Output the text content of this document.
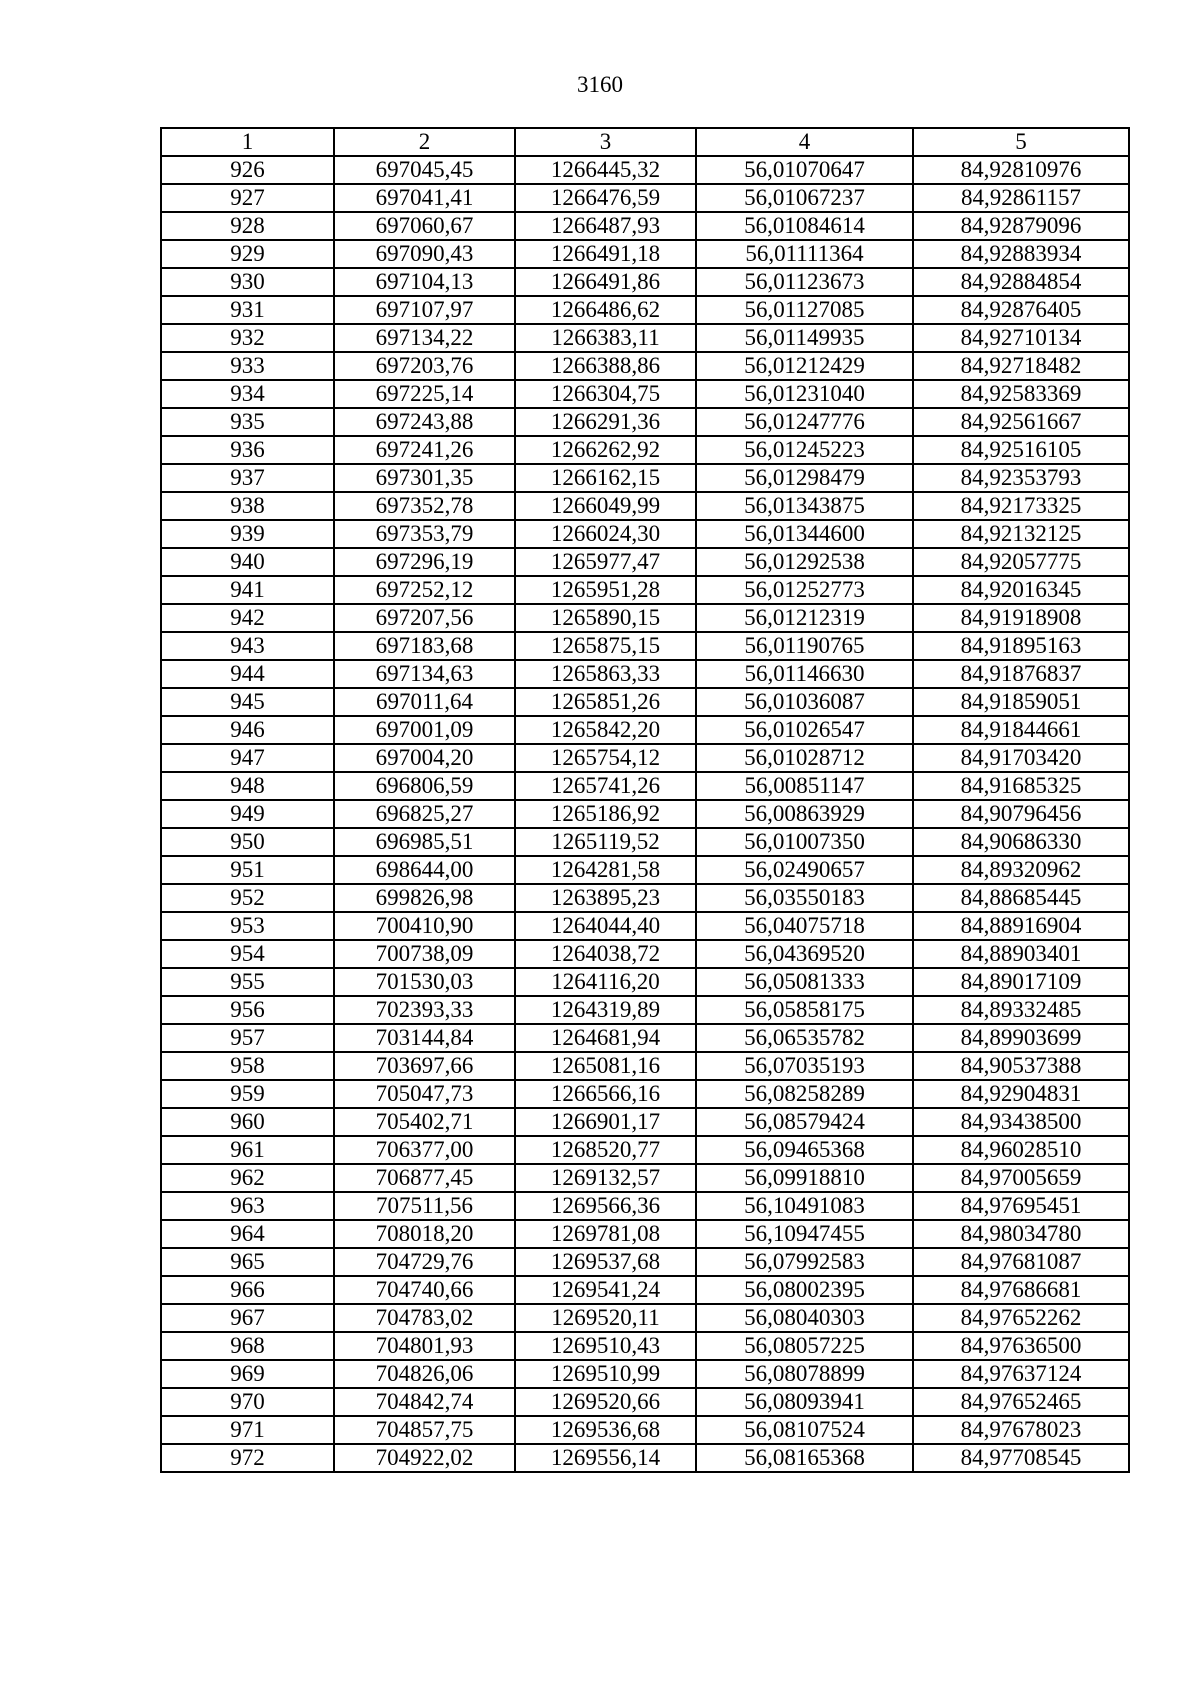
3160
1	2	3	4	5
926	697045,45	1266445,32	56,01070647	84,92810976
927	697041,41	1266476,59	56,01067237	84,92861157
928	697060,67	1266487,93	56,01084614	84,92879096
929	697090,43	1266491,18	56,01111364	84,92883934
930	697104,13	1266491,86	56,01123673	84,92884854
931	697107,97	1266486,62	56,01127085	84,92876405
932	697134,22	1266383,11	56,01149935	84,92710134
933	697203,76	1266388,86	56,01212429	84,92718482
934	697225,14	1266304,75	56,01231040	84,92583369
935	697243,88	1266291,36	56,01247776	84,92561667
936	697241,26	1266262,92	56,01245223	84,92516105
937	697301,35	1266162,15	56,01298479	84,92353793
938	697352,78	1266049,99	56,01343875	84,92173325
939	697353,79	1266024,30	56,01344600	84,92132125
940	697296,19	1265977,47	56,01292538	84,92057775
941	697252,12	1265951,28	56,01252773	84,92016345
942	697207,56	1265890,15	56,01212319	84,91918908
943	697183,68	1265875,15	56,01190765	84,91895163
944	697134,63	1265863,33	56,01146630	84,91876837
945	697011,64	1265851,26	56,01036087	84,91859051
946	697001,09	1265842,20	56,01026547	84,91844661
947	697004,20	1265754,12	56,01028712	84,91703420
948	696806,59	1265741,26	56,00851147	84,91685325
949	696825,27	1265186,92	56,00863929	84,90796456
950	696985,51	1265119,52	56,01007350	84,90686330
951	698644,00	1264281,58	56,02490657	84,89320962
952	699826,98	1263895,23	56,03550183	84,88685445
953	700410,90	1264044,40	56,04075718	84,88916904
954	700738,09	1264038,72	56,04369520	84,88903401
955	701530,03	1264116,20	56,05081333	84,89017109
956	702393,33	1264319,89	56,05858175	84,89332485
957	703144,84	1264681,94	56,06535782	84,89903699
958	703697,66	1265081,16	56,07035193	84,90537388
959	705047,73	1266566,16	56,08258289	84,92904831
960	705402,71	1266901,17	56,08579424	84,93438500
961	706377,00	1268520,77	56,09465368	84,96028510
962	706877,45	1269132,57	56,09918810	84,97005659
963	707511,56	1269566,36	56,10491083	84,97695451
964	708018,20	1269781,08	56,10947455	84,98034780
965	704729,76	1269537,68	56,07992583	84,97681087
966	704740,66	1269541,24	56,08002395	84,97686681
967	704783,02	1269520,11	56,08040303	84,97652262
968	704801,93	1269510,43	56,08057225	84,97636500
969	704826,06	1269510,99	56,08078899	84,97637124
970	704842,74	1269520,66	56,08093941	84,97652465
971	704857,75	1269536,68	56,08107524	84,97678023
972	704922,02	1269556,14	56,08165368	84,97708545
